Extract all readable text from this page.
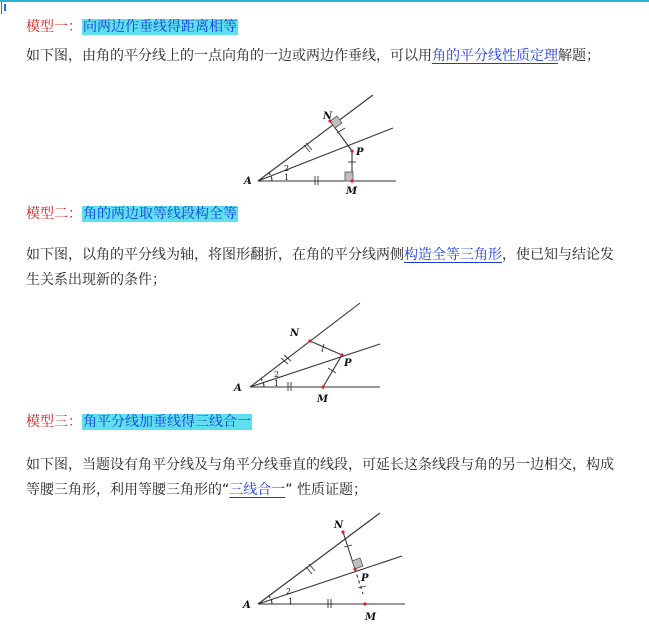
模型一：向两边作垂线得距离相等
如下图，由角的平分线上的一点向角的一边或两边作垂线，可以用角的平分线性质定理解题；
A
N
P
M
1
2
模型二：角的两边取等线段构全等
如下图，以角的平分线为轴，将图形翻折，在角的平分线两侧构造全等三角形，使已知与结论发生关系出现新的条件；
A
N
P
M
1
2
模型三：角平分线加垂线得三线合一
如下图，当题设有角平分线及与角平分线垂直的线段，可延长这条线段与角的另一边相交，构成等腰三角形，利用等腰三角形的“三线合一” 性质证题；
A
N
P
M
1
2
